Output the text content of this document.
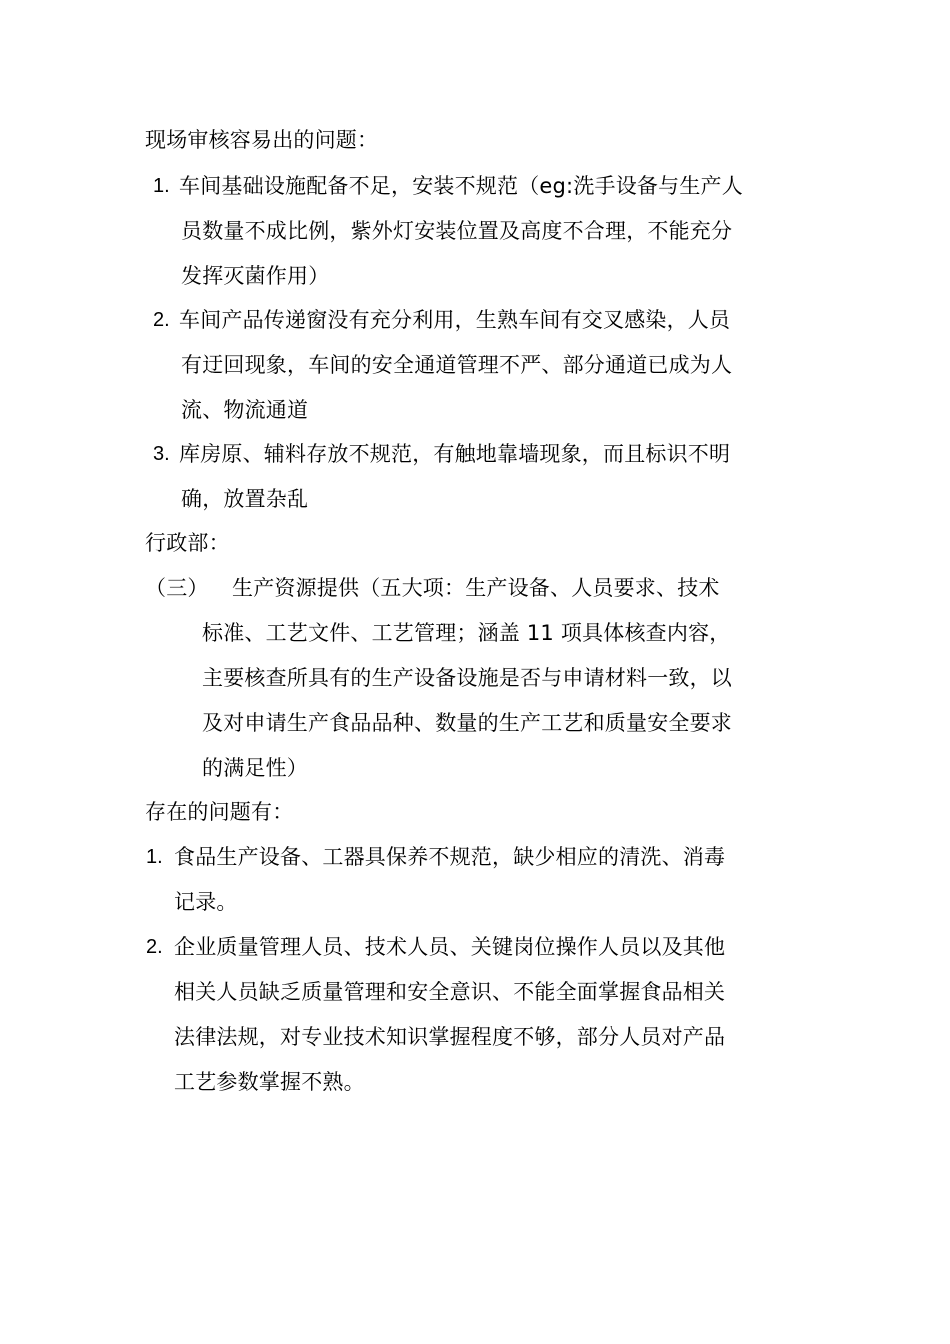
现场审核容易出的问题：
1. 车间基础设施配备不足，安装不规范（eg:洗手设备与生产人
员数量不成比例，紫外灯安装位置及高度不合理，不能充分
发挥灭菌作用）
2. 车间产品传递窗没有充分利用，生熟车间有交叉感染，人员
有迂回现象，车间的安全通道管理不严、部分通道已成为人
流、物流通道
3. 库房原、辅料存放不规范，有触地靠墙现象，而且标识不明
确，放置杂乱
行政部：
（三） 生产资源提供（五大项：生产设备、人员要求、技术
标准、工艺文件、工艺管理；涵盖 11 项具体核查内容，
主要核查所具有的生产设备设施是否与申请材料一致，以
及对申请生产食品品种、数量的生产工艺和质量安全要求
的满足性）
存在的问题有：
1. 食品生产设备、工器具保养不规范，缺少相应的清洗、消毒
记录。
2. 企业质量管理人员、技术人员、关键岗位操作人员以及其他
相关人员缺乏质量管理和安全意识、不能全面掌握食品相关
法律法规，对专业技术知识掌握程度不够，部分人员对产品
工艺参数掌握不熟。
